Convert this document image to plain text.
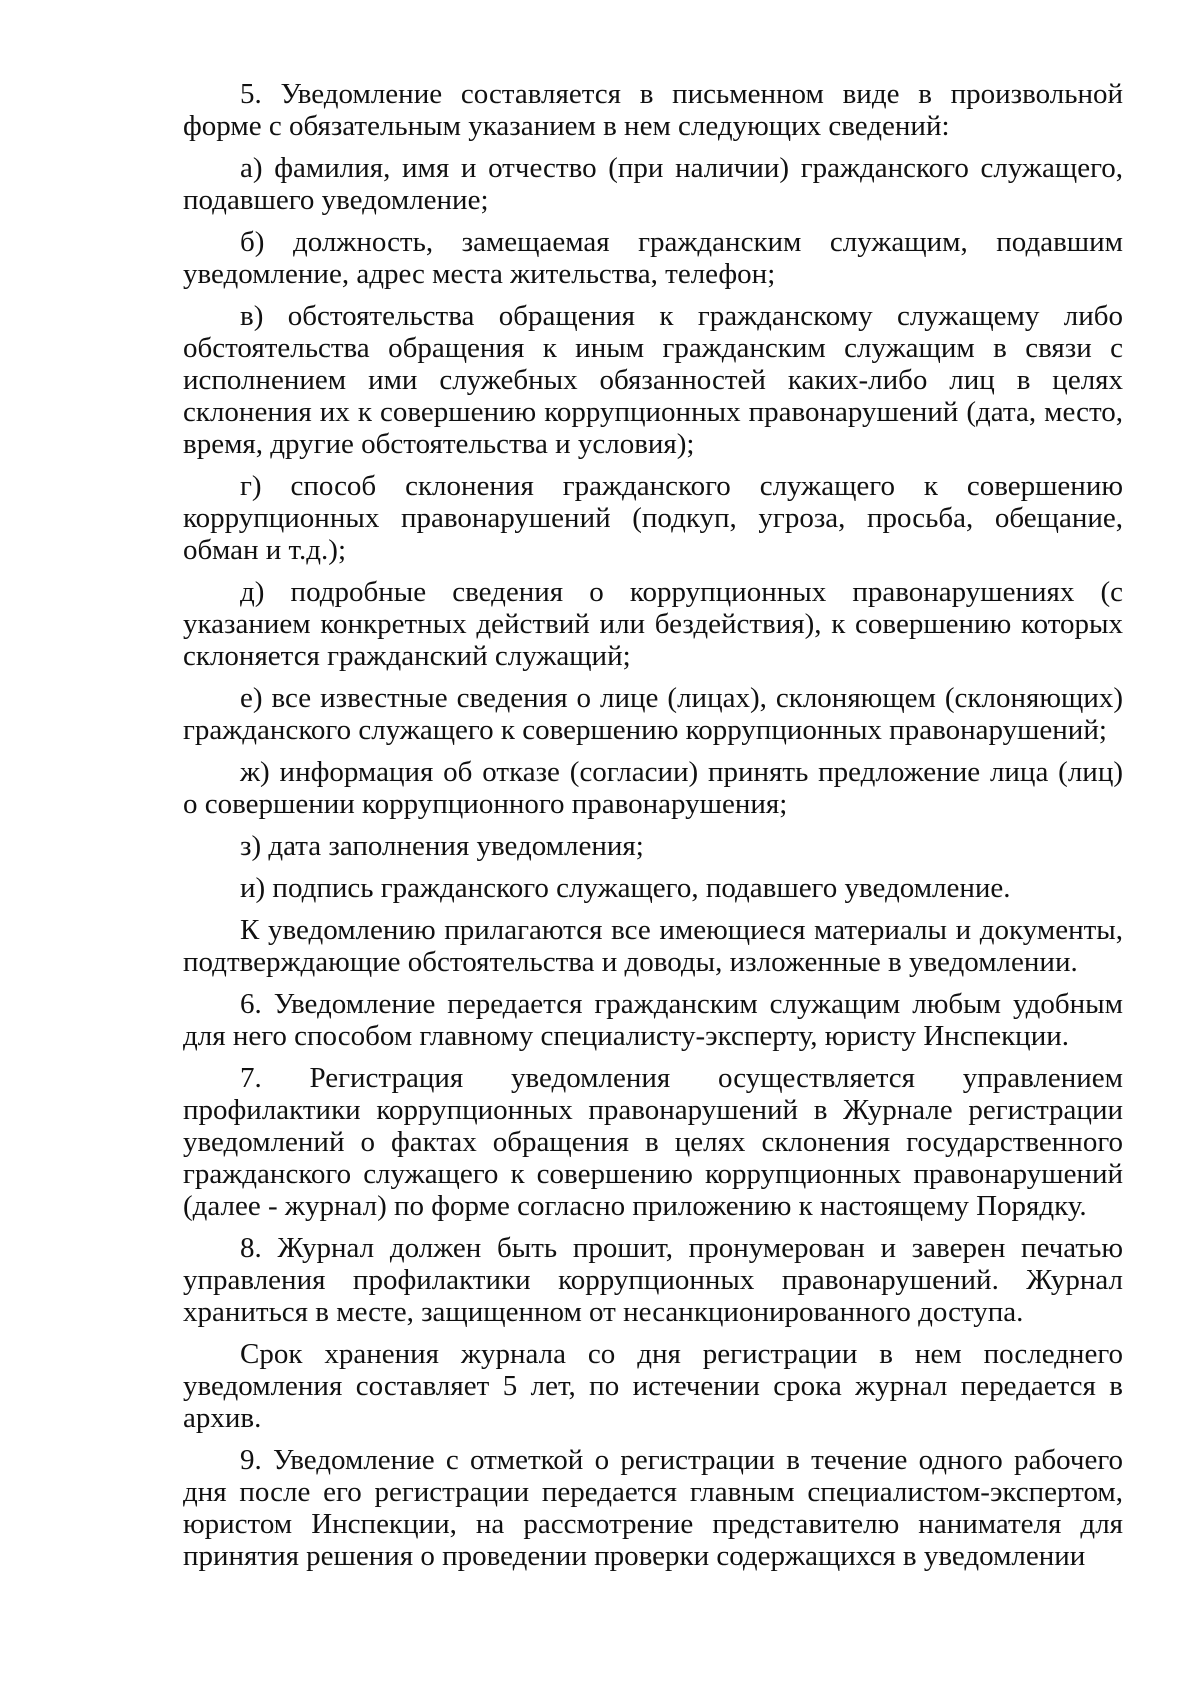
5. Уведомление составляется в письменном виде в произвольной форме с обязательным указанием в нем следующих сведений:

а) фамилия, имя и отчество (при наличии) гражданского служащего, подавшего уведомление;

б) должность, замещаемая гражданским служащим, подавшим уведомление, адрес места жительства, телефон;

в) обстоятельства обращения к гражданскому служащему либо обстоятельства обращения к иным гражданским служащим в связи с исполнением ими служебных обязанностей каких-либо лиц в целях склонения их к совершению коррупционных правонарушений (дата, место, время, другие обстоятельства и условия);

г) способ склонения гражданского служащего к совершению коррупционных правонарушений (подкуп, угроза, просьба, обещание, обман и т.д.);

д) подробные сведения о коррупционных правонарушениях (с указанием конкретных действий или бездействия), к совершению которых склоняется гражданский служащий;

е) все известные сведения о лице (лицах), склоняющем (склоняющих) гражданского служащего к совершению коррупционных правонарушений;

ж) информация об отказе (согласии) принять предложение лица (лиц) о совершении коррупционного правонарушения;

з) дата заполнения уведомления;

и) подпись гражданского служащего, подавшего уведомление.

К уведомлению прилагаются все имеющиеся материалы и документы, подтверждающие обстоятельства и доводы, изложенные в уведомлении.

6. Уведомление передается гражданским служащим любым удобным для него способом главному специалисту-эксперту, юристу Инспекции.

7. Регистрация уведомления осуществляется управлением профилактики коррупционных правонарушений в Журнале регистрации уведомлений о фактах обращения в целях склонения государственного гражданского служащего к совершению коррупционных правонарушений (далее - журнал) по форме согласно приложению к настоящему Порядку.

8. Журнал должен быть прошит, пронумерован и заверен печатью управления профилактики коррупционных правонарушений. Журнал храниться в месте, защищенном от несанкционированного доступа.

Срок хранения журнала со дня регистрации в нем последнего уведомления составляет 5 лет, по истечении срока журнал передается в архив.

9. Уведомление с отметкой о регистрации в течение одного рабочего дня после его регистрации передается главным специалистом-экспертом, юристом Инспекции, на рассмотрение представителю нанимателя для принятия решения о проведении проверки содержащихся в уведомлении
